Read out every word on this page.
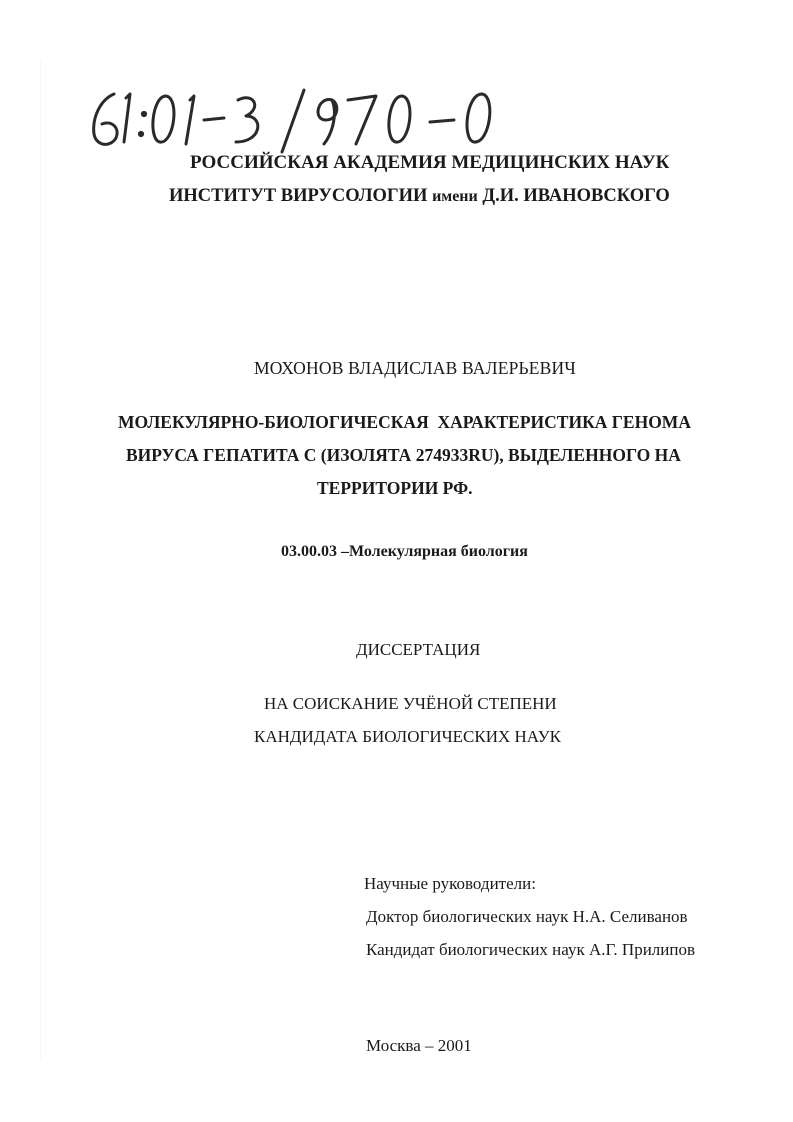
РОССИЙСКАЯ АКАДЕМИЯ МЕДИЦИНСКИХ НАУК
ИНСТИТУТ ВИРУСОЛОГИИ имени Д.И. ИВАНОВСКОГО
МОХОНОВ ВЛАДИСЛАВ ВАЛЕРЬЕВИЧ
МОЛЕКУЛЯРНО-БИОЛОГИЧЕСКАЯ  ХАРАКТЕРИСТИКА ГЕНОМА
ВИРУСА ГЕПАТИТА С (ИЗОЛЯТА 274933RU), ВЫДЕЛЕННОГО НА
ТЕРРИТОРИИ РФ.
03.00.03 –Молекулярная биология
ДИССЕРТАЦИЯ
НА СОИСКАНИЕ УЧЁНОЙ СТЕПЕНИ
КАНДИДАТА БИОЛОГИЧЕСКИХ НАУК
Научные руководители:
Доктор биологических наук Н.А. Селиванов
Кандидат биологических наук А.Г. Прилипов
Москва – 2001
